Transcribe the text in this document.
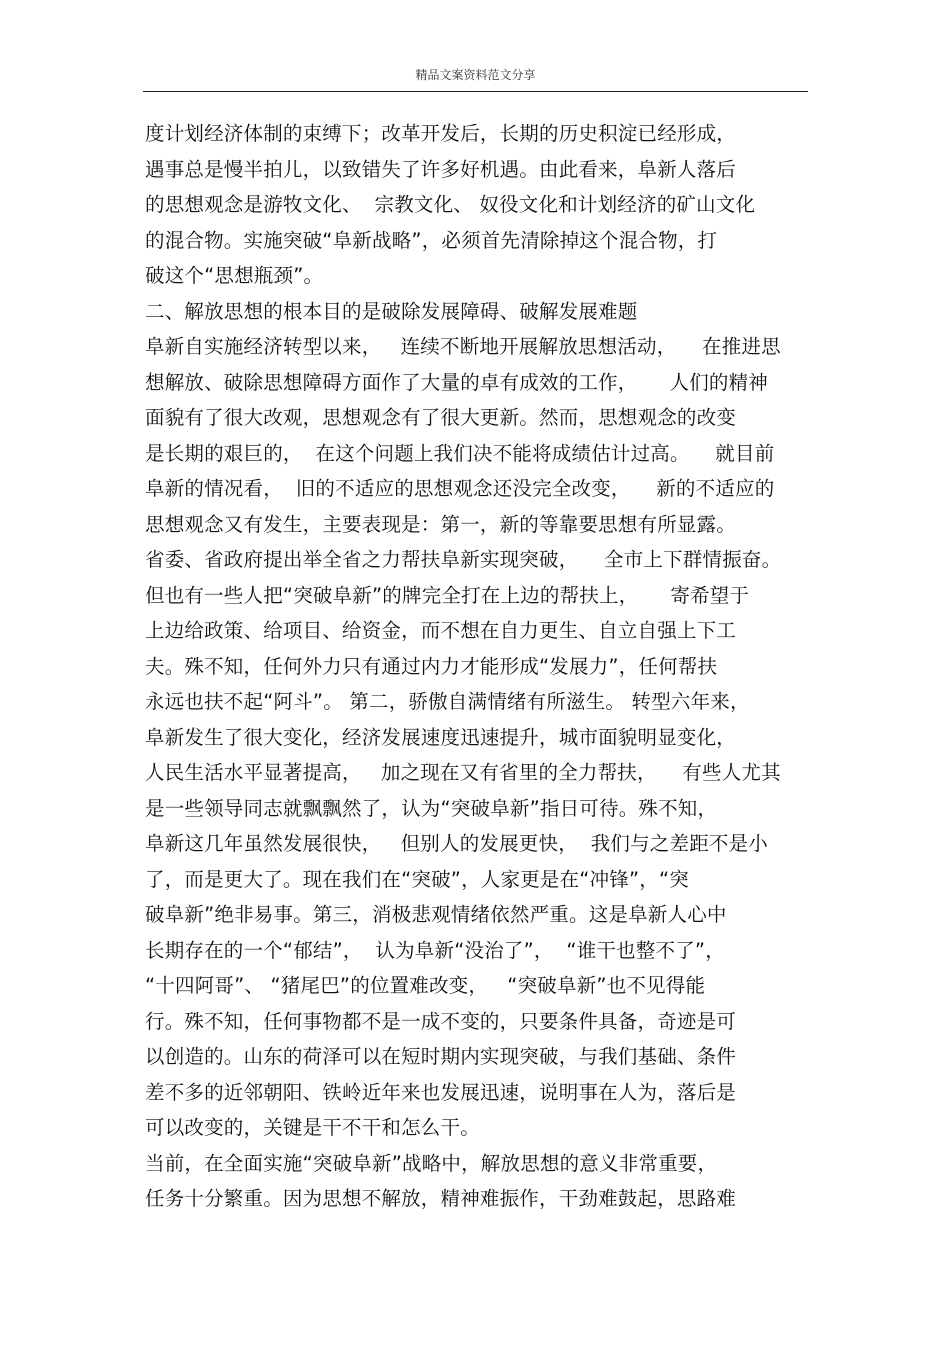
精品文案资料范文分享
度计划经济体制的束缚下；改革开发后，长期的历史积淀已经形成，
遇事总是慢半拍儿，以致错失了许多好机遇。由此看来，阜新人落后
的思想观念是游牧文化、  宗教文化、 奴役文化和计划经济的矿山文化
的混合物。实施突破“阜新战略”，必须首先清除掉这个混合物，打
破这个“思想瓶颈”。
二、解放思想的根本目的是破除发展障碍、破解发展难题
阜新自实施经济转型以来，   连续不断地开展解放思想活动，    在推进思
想解放、破除思想障碍方面作了大量的卓有成效的工作，     人们的精神
面貌有了很大改观，思想观念有了很大更新。然而，思想观念的改变
是长期的艰巨的，  在这个问题上我们决不能将成绩估计过高。    就目前
阜新的情况看，  旧的不适应的思想观念还没完全改变，    新的不适应的
思想观念又有发生，主要表现是：第一，新的等靠要思想有所显露。
省委、省政府提出举全省之力帮扶阜新实现突破，    全市上下群情振奋。
但也有一些人把“突破阜新”的牌完全打在上边的帮扶上，     寄希望于
上边给政策、给项目、给资金，而不想在自力更生、自立自强上下工
夫。殊不知，任何外力只有通过内力才能形成“发展力”，任何帮扶
永远也扶不起“阿斗”。 第二，骄傲自满情绪有所滋生。 转型六年来，
阜新发生了很大变化，经济发展速度迅速提升，城市面貌明显变化，
人民生活水平显著提高，   加之现在又有省里的全力帮扶，    有些人尤其
是一些领导同志就飘飘然了，认为“突破阜新”指日可待。殊不知，
阜新这几年虽然发展很快，   但别人的发展更快，  我们与之差距不是小
了，而是更大了。现在我们在“突破”，人家更是在“冲锋”，“突
破阜新”绝非易事。第三，消极悲观情绪依然严重。这是阜新人心中
长期存在的一个“郁结”，  认为阜新“没治了”，  “谁干也整不了”，
“十四阿哥”、 “猪尾巴”的位置难改变，   “突破阜新”也不见得能
行。殊不知，任何事物都不是一成不变的，只要条件具备，奇迹是可
以创造的。山东的荷泽可以在短时期内实现突破，与我们基础、条件
差不多的近邻朝阳、铁岭近年来也发展迅速，说明事在人为，落后是
可以改变的，关键是干不干和怎么干。
当前，在全面实施“突破阜新”战略中，解放思想的意义非常重要，
任务十分繁重。因为思想不解放，精神难振作，干劲难鼓起，思路难
